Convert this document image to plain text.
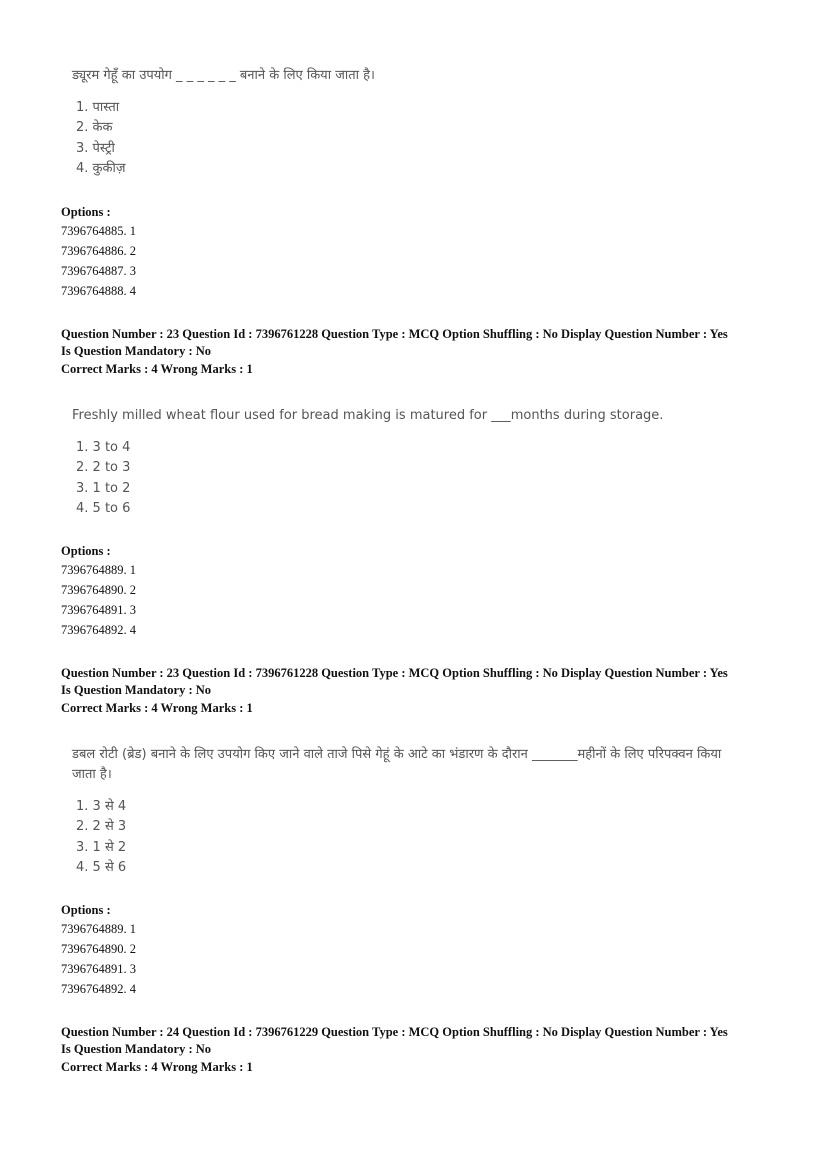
ड्यूरम गेहूँ का उपयोग _ _ _ _ _ _ बनाने के लिए किया जाता है।

1. पास्ता
2. केक
3. पेस्ट्री
4. कुकीज़
Options :
7396764885. 1
7396764886. 2
7396764887. 3
7396764888. 4

Question Number : 23 Question Id : 7396761228 Question Type : MCQ Option Shuffling : No Display Question Number : Yes

Is Question Mandatory : No

Correct Marks : 4 Wrong Marks : 1

Freshly milled wheat flour used for bread making is matured for ___months during storage.

1. 3 to 4
2. 2 to 3
3. 1 to 2
4. 5 to 6
Options :
7396764889. 1
7396764890. 2
7396764891. 3
7396764892. 4

Question Number : 23 Question Id : 7396761228 Question Type : MCQ Option Shuffling : No Display Question Number : Yes

Is Question Mandatory : No

Correct Marks : 4 Wrong Marks : 1

डबल रोटी (ब्रेड) बनाने के लिए उपयोग किए जाने वाले ताजे पिसे गेहूं के आटे का भंडारण के दौरान _______महीनों के लिए परिपक्वन किया

जाता है।

1. 3 से 4
2. 2 से 3
3. 1 से 2
4. 5 से 6
Options :
7396764889. 1
7396764890. 2
7396764891. 3
7396764892. 4

Question Number : 24 Question Id : 7396761229 Question Type : MCQ Option Shuffling : No Display Question Number : Yes

Is Question Mandatory : No

Correct Marks : 4 Wrong Marks : 1
